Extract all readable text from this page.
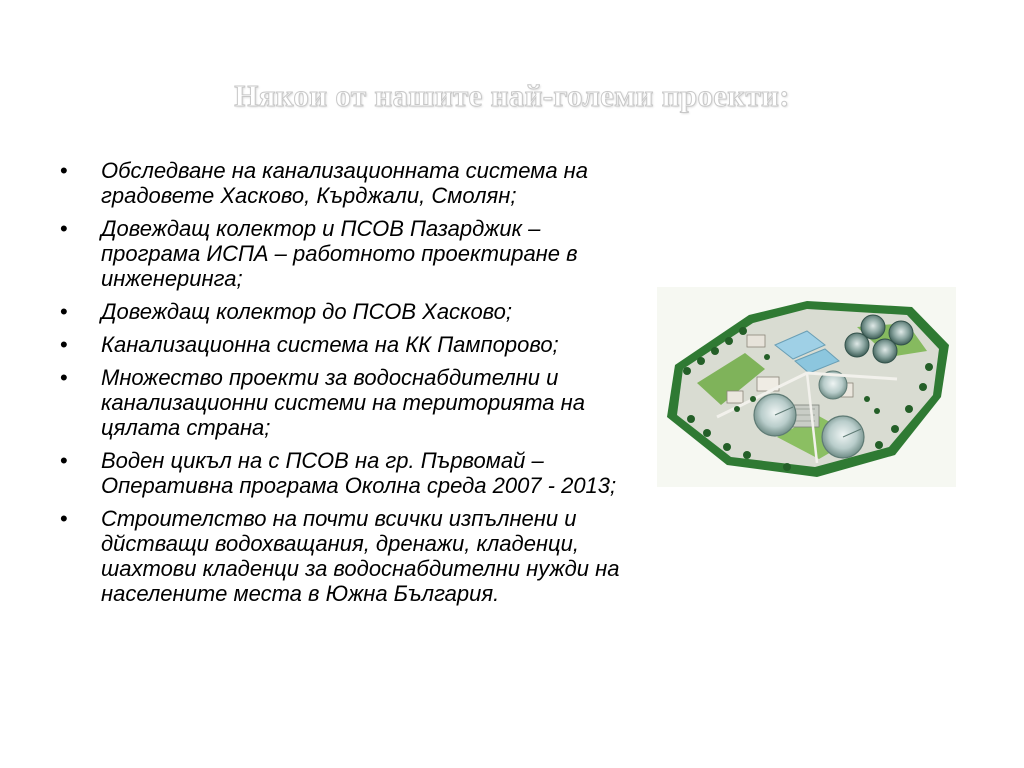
Някои от нашите най-големи проекти:
• Обследване на канализационната система на градовете Хасково, Кърджали, Смолян;
• Довеждащ колектор и ПСОВ Пазарджик – програма ИСПА – работното проектиране в инженеринга;
• Довеждащ колектор до ПСОВ Хасково;
• Канализационна система на КК Пампорово;
• Множество проекти за водоснабдителни и канализационни системи на територията на цялата страна;
• Воден цикъл на с ПСОВ на гр. Първомай – Оперативна програма Околна среда 2007 - 2013;
• Строителство на почти всички изпълнени и дйстващи водохващания, дренажи, кладенци, шахтови кладенци за водоснабдителни нужди на населените места в Южна България.
